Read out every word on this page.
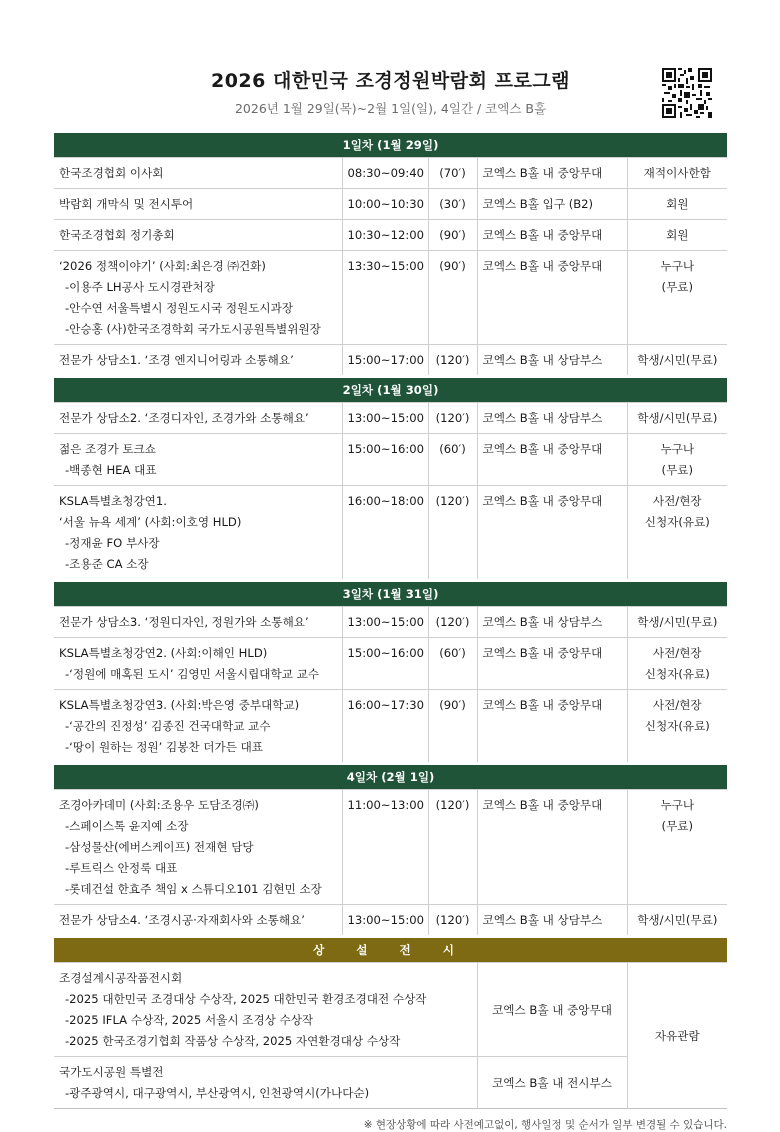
2026 대한민국 조경정원박람회 프로그램
2026년 1월 29일(목)~2월 1일(일), 4일간 / 코엑스 B홀
1일차 (1월 29일)				

한국조경협회 이사회	08:30~09:40	(70′)	코엑스 B홀 내 중앙무대	재적이사한함

박람회 개막식 및 전시투어	10:00~10:30	(30′)	코엑스 B홀 입구 (B2)	회원

한국조경협회 정기총회	10:30~12:00	(90′)	코엑스 B홀 내 중앙무대	회원

‘2026 정책이야기’ (사회:최은경 ㈜건화)
-이용주 LH공사 도시경관처장
-안수연 서울특별시 정원도시국 정원도시과장
-안승홍 (사)한국조경학회 국가도시공원특별위원장	13:30~15:00	(90′)	코엑스 B홀 내 중앙무대	누구나
(무료)

전문가 상담소1. ‘조경 엔지니어링과 소통해요’	15:00~17:00	(120′)	코엑스 B홀 내 상담부스	학생/시민(무료)

2일차 (1월 30일)				

전문가 상담소2. ‘조경디자인, 조경가와 소통해요’	13:00~15:00	(120′)	코엑스 B홀 내 상담부스	학생/시민(무료)

젊은 조경가 토크쇼
-백종현 HEA 대표	15:00~16:00	(60′)	코엑스 B홀 내 중앙무대	누구나
(무료)

KSLA특별초청강연1.
‘서울 뉴욕 세계’ (사회:이호영 HLD)
-정재윤 FO 부사장
-조용준 CA 소장	16:00~18:00	(120′)	코엑스 B홀 내 중앙무대	사전/현장
신청자(유료)

3일차 (1월 31일)				

전문가 상담소3. ‘정원디자인, 정원가와 소통해요’	13:00~15:00	(120′)	코엑스 B홀 내 상담부스	학생/시민(무료)

KSLA특별초청강연2. (사회:이해인 HLD)
-‘정원에 매혹된 도시’ 김영민 서울시립대학교 교수	15:00~16:00	(60′)	코엑스 B홀 내 중앙무대	사전/현장
신청자(유료)

KSLA특별초청강연3. (사회:박은영 중부대학교)
-‘공간의 진정성’ 김종진 건국대학교 교수
-‘땅이 원하는 정원’ 김봉찬 더가든 대표	16:00~17:30	(90′)	코엑스 B홀 내 중앙무대	사전/현장
신청자(유료)

4일차 (2월 1일)				

조경아카데미 (사회:조용우 도담조경㈜)
-스페이스톡 윤지예 소장
-삼성물산(에버스케이프) 전재현 담당
-루트릭스 안정룩 대표
-롯데건설 한효주 책임 x 스튜디오101 김현민 소장	11:00~13:00	(120′)	코엑스 B홀 내 중앙무대	누구나
(무료)

전문가 상담소4. ‘조경시공·자재회사와 소통해요’	13:00~15:00	(120′)	코엑스 B홀 내 상담부스	학생/시민(무료)

상 설 전 시				

조경설계시공작품전시회
-2025 대한민국 조경대상 수상작, 2025 대한민국 환경조경대전 수상작
-2025 IFLA 수상작, 2025 서울시 조경상 수상작
-2025 한국조경기협회 작품상 수상작, 2025 자연환경대상 수상작			코엑스 B홀 내 중앙무대	자유관람

국가도시공원 특별전
-광주광역시, 대구광역시, 부산광역시, 인천광역시(가나다순)			코엑스 B홀 내 전시부스	
※ 현장상황에 따라 사전예고없이, 행사일정 및 순서가 일부 변경될 수 있습니다.
